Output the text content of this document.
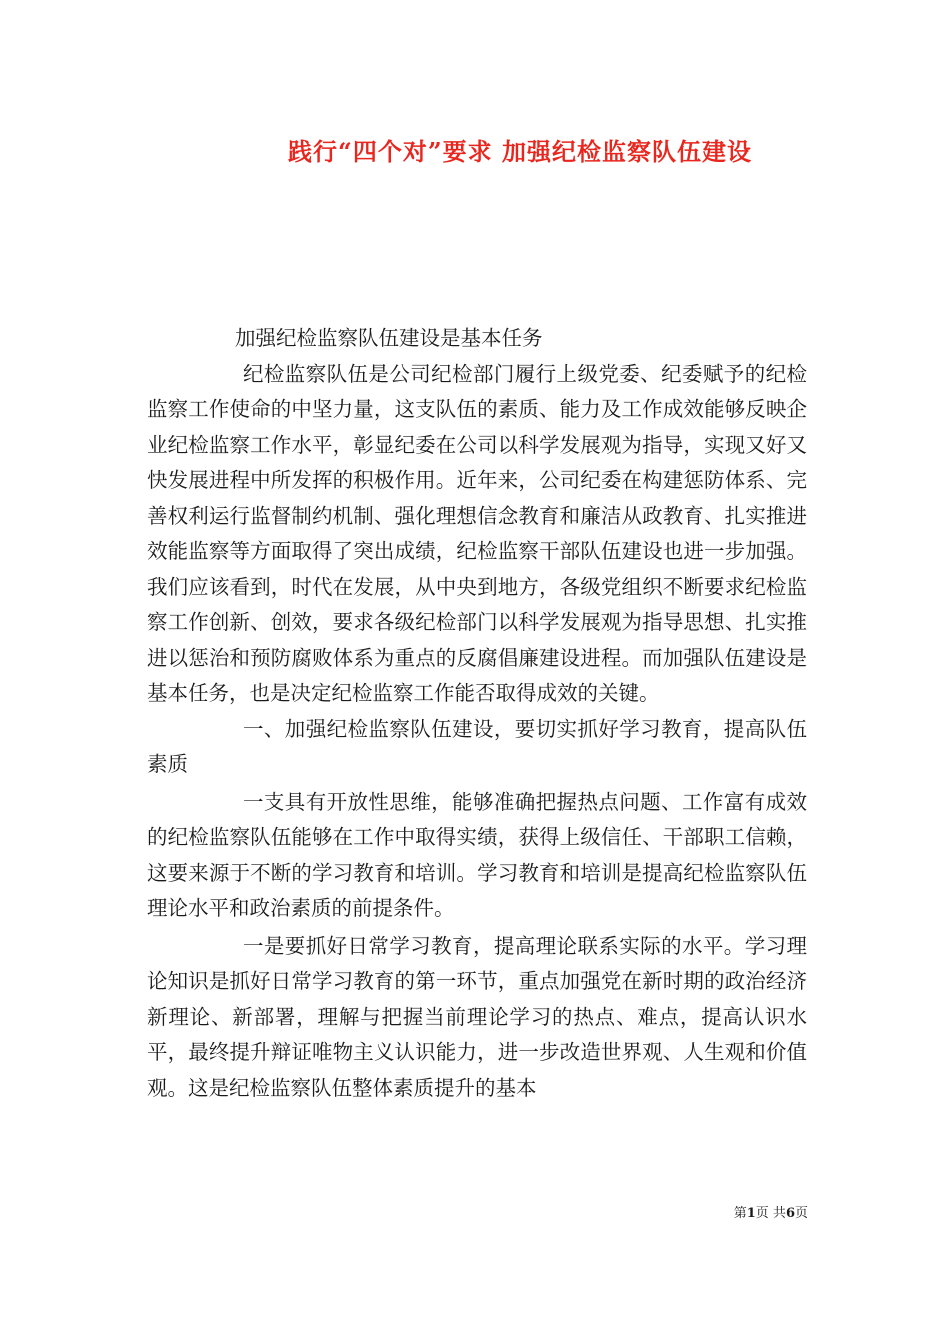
践行“四个对”要求 加强纪检监察队伍建设

加强纪检监察队伍建设是基本任务

纪检监察队伍是公司纪检部门履行上级党委、纪委赋予的纪检监察工作使命的中坚力量，这支队伍的素质、能力及工作成效能够反映企业纪检监察工作水平，彰显纪委在公司以科学发展观为指导，实现又好又快发展进程中所发挥的积极作用。近年来，公司纪委在构建惩防体系、完善权利运行监督制约机制、强化理想信念教育和廉洁从政教育、扎实推进效能监察等方面取得了突出成绩，纪检监察干部队伍建设也进一步加强。我们应该看到，时代在发展，从中央到地方，各级党组织不断要求纪检监察工作创新、创效，要求各级纪检部门以科学发展观为指导思想、扎实推进以惩治和预防腐败体系为重点的反腐倡廉建设进程。而加强队伍建设是基本任务，也是决定纪检监察工作能否取得成效的关键。

一、加强纪检监察队伍建设，要切实抓好学习教育，提高队伍素质

一支具有开放性思维，能够准确把握热点问题、工作富有成效的纪检监察队伍能够在工作中取得实绩，获得上级信任、干部职工信赖，这要来源于不断的学习教育和培训。学习教育和培训是提高纪检监察队伍理论水平和政治素质的前提条件。

一是要抓好日常学习教育，提高理论联系实际的水平。学习理论知识是抓好日常学习教育的第一环节，重点加强党在新时期的政治经济新理论、新部署，理解与把握当前理论学习的热点、难点，提高认识水平，最终提升辩证唯物主义认识能力，进一步改造世界观、人生观和价值观。这是纪检监察队伍整体素质提升的基本

第1页 共6页
